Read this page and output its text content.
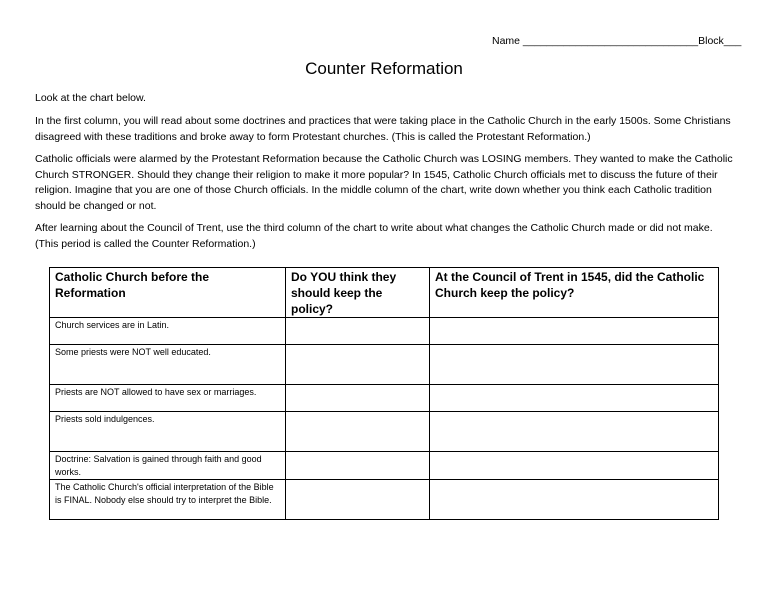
Name ______________________________Block___
Counter Reformation
Look at the chart below.
In the first column, you will read about some doctrines and practices that were taking place in the Catholic Church in the early 1500s. Some Christians disagreed with these traditions and broke away to form Protestant churches. (This is called the Protestant Reformation.)
Catholic officials were alarmed by the Protestant Reformation because the Catholic Church was LOSING members. They wanted to make the Catholic Church STRONGER. Should they change their religion to make it more popular? In 1545, Catholic Church officials met to discuss the future of their religion. Imagine that you are one of those Church officials. In the middle column of the chart, write down whether you think each Catholic tradition should be changed or not.
After learning about the Council of Trent, use the third column of the chart to write about what changes the Catholic Church made or did not make. (This period is called the Counter Reformation.)
Catholic Church before the Reformation	Do YOU think they should keep the policy?	At the Council of Trent in 1545, did the Catholic Church keep the policy?
Church services are in Latin.		
Some priests were NOT well educated.		
Priests are NOT allowed to have sex or marriages.		
Priests sold indulgences.		
Doctrine: Salvation is gained through faith and good works.		
The Catholic Church's official interpretation of the Bible is FINAL. Nobody else should try to interpret the Bible.		
